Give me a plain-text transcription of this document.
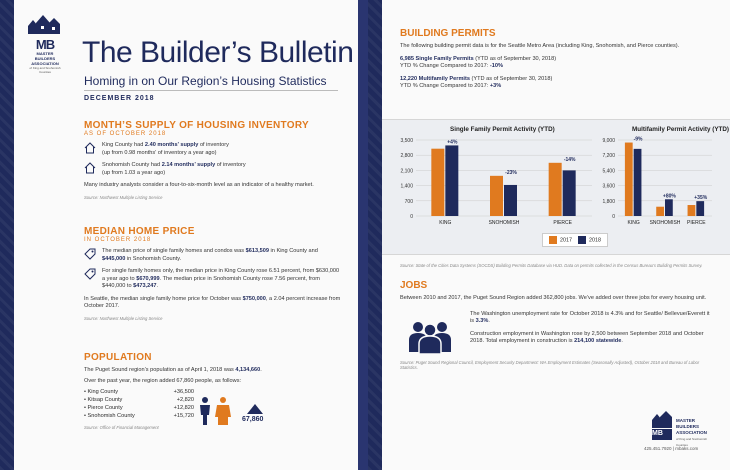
MB
MASTER BUILDERS
ASSOCIATION
of King and Snohomish Counties
The Builder’s Bulletin
Homing in on Our Region’s Housing Statistics
DECEMBER 2018
MONTH’S SUPPLY OF HOUSING INVENTORY
AS OF OCTOBER 2018
King County had 2.40 months’ supply of inventory
(up from 0.98 months’ of inventory a year ago)
Snohomish County had 2.14 months’ supply of inventory
(up from 1.03 a year ago)
Many industry analysts consider a four-to-six-month level as an indicator of a healthy market.
Source: Northwest Multiple Listing Service
MEDIAN HOME PRICE
IN OCTOBER 2018
The median price of single family homes and condos was $613,509 in King County and $445,000 in Snohomish County.
For single family homes only, the median price in King County rose 6.51 percent, from $630,000 a year ago to $670,999. The median price in Snohomish County rose 7.56 percent, from $440,000 to $473,247.
In Seattle, the median single family home price for October was $750,000, a 2.04 percent increase from October 2017.
Source: Northwest Multiple Listing Service
POPULATION
The Puget Sound region’s population as of April 1, 2018 was 4,134,660.
Over the past year, the region added 67,860 people, as follows:
• King County	+36,500
• Kitsap County	+2,820
• Pierce County	+12,820
• Snohomish County	+15,720	67,860
Source: Office of Financial Management
BUILDING PERMITS
The following building permit data is for the Seattle Metro Area (including King, Snohomish, and Pierce counties).
6,985 Single Family Permits (YTD as of September 30, 2018)
YTD % Change Compared to 2017: -10%
12,220 Multifamily Permits (YTD as of September 30, 2018)
YTD % Change Compared to 2017: +3%
Single Family Permit Activity (YTD)	Multifamily Permit Activity (YTD)
0
700
1,400
2,100
2,800
3,500	+4%
KING
-23%
SNOHOMISH
-14%
PIERCE
0
1,800
3,600
5,400
7,200
9,000	-9%
KING
+80%
SNOHOMISH
+35%
PIERCE
2017	2018
Source: State of the Cities Data Systems (SOCDS) Building Permits Database via HUD. Data on permits collected in the Census Bureau’s Building Permits Survey.
JOBS
Between 2010 and 2017, the Puget Sound Region added 362,800 jobs. We’ve added over three jobs for every housing unit.
The Washington unemployment rate for October 2018 is 4.3% and for Seattle/ Bellevue/Everett it is 3.3%.
Construction employment in Washington rose by 2,500 between September 2018 and October 2018. Total employment in construction is 214,100 statewide.
Source: Puget Sound Regional Council, Employment Security Department: WA Employment Estimates (Seasonally Adjusted), October 2018 and Bureau of Labor Statistics.
MB
MASTER BUILDERS
ASSOCIATION
of King and Snohomish Counties
425.451.7920 | mbaks.com
